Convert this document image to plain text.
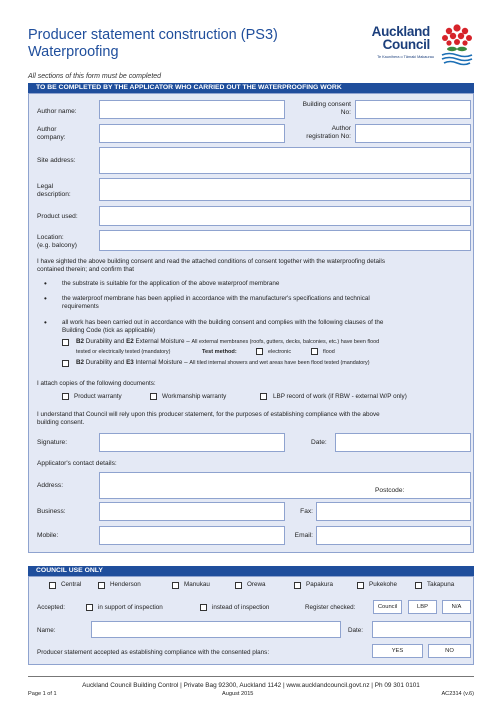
Producer statement construction (PS3)
Waterproofing
Auckland
Council
Te Kaunihera o Tāmaki Makaurau
All sections of this form must be completed
TO BE COMPLETED BY THE APPLICATOR WHO CARRIED OUT THE WATERPROOFING WORK
Author name:
Building consent
No:
Author
company:
Author
registration No:
Site address:
Legal
description:
Product used:
Location:
(e.g. balcony)
I have sighted the above building consent and read the attached conditions of consent together with the waterproofing details
contained therein; and confirm that
• the substrate is suitable for the application of the above waterproof membrane
• the waterproof membrane has been applied in accordance with the manufacturer's specifications and technical
requirements
• all work has been carried out in accordance with the building consent and complies with the following clauses of the
Building Code (tick as applicable)
B2 Durability and E2 External Moisture – All external membranes (roofs, gutters, decks, balconies, etc.) have been flood
tested or electrically tested (mandatory)	Test method:	electronic	flood
B2 Durability and E3 Internal Moisture – All tiled internal showers and wet areas have been flood tested (mandatory)
I attach copies of the following documents:
Product warranty	Workmanship warranty	LBP record of work (if RBW - external W/P only)
I understand that Council will rely upon this producer statement, for the purposes of establishing compliance with the above
building consent.
Signature:	Date:
Applicator's contact details:
Address:
Postcode:
Business:	Fax:
Mobile:	Email:
COUNCIL USE ONLY
Central	Henderson	Manukau	Orewa	Papakura	Pukekohe	Takapuna
Accepted:	in support of inspection	instead of inspection	Register checked:	Council	LBP	N/A
Name:	Date:
Producer statement accepted as establishing compliance with the consented plans:	YES	NO
Auckland Council Building Control | Private Bag 92300, Auckland 1142 | www.aucklandcouncil.govt.nz | Ph 09 301 0101
Page 1 of 1	August 2015	AC2314 (v.6)
